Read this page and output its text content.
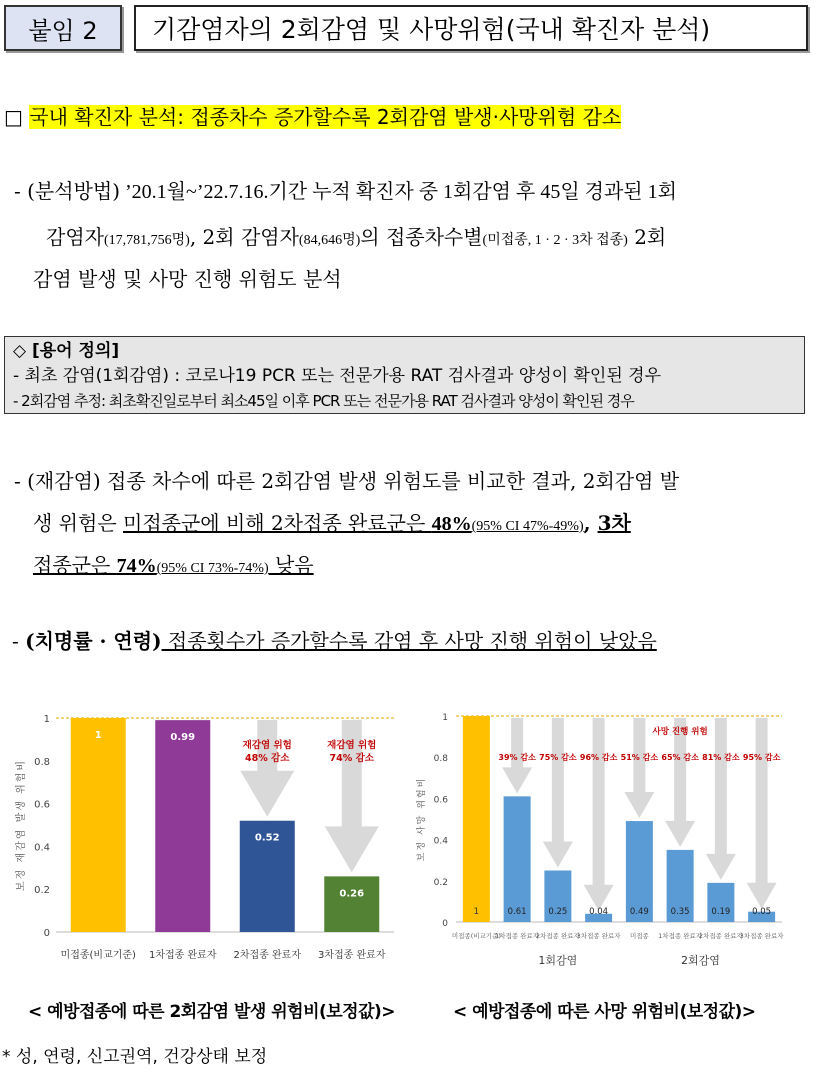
붙임 2 기감염자의 2회감염 및 사망위험(국내 확진자 분석)
□ 국내 확진자 분석: 접종차수 증가할수록 2회감염 발생·사망위험 감소
- (분석방법) ’20.1월~’22.7.16.기간 누적 확진자 중 1회감염 후 45일 경과된 1회
감염자(17,781,756명), 2회 감염자(84,646명)의 접종차수별(미접종, 1 · 2 · 3차 접종) 2회
감염 발생 및 사망 진행 위험도 분석
◇ [용어 정의]
- 최초 감염(1회감염) : 코로나19 PCR 또는 전문가용 RAT 검사결과 양성이 확인된 경우
- 2회감염 추정: 최초확진일로부터 최소45일 이후 PCR 또는 전문가용 RAT 검사결과 양성이 확인된 경우
- (재감염) 접종 차수에 따른 2회감염 발생 위험도를 비교한 결과, 2회감염 발
생 위험은 미접종군에 비해 2차접종 완료군은 48%(95% CI 47%-49%), 3차
접종군은 74%(95% CI 73%-74%) 낮음
- (치명률 · 연령) 접종횟수가 증가할수록 감염 후 사망 진행 위험이 낮았음
0
0.2
0.4
0.6
0.8
1
보정 재감염 발생 위험비
재감염 위험
48% 감소
재감염 위험
74% 감소
1
미접종(비교기준)
0.99
1차접종 완료자
0.52
2차접종 완료자
0.26
3차접종 완료자
0
0.2
0.4
0.6
0.8
1
보정 사망 위험비
39% 감소 75% 감소 96% 감소 51% 감소 65% 감소 81% 감소 95% 감소
사망 진행 위험
1
미접종(비교기준)
0.61
1차접종 완료자
0.25
2차접종 완료자
0.04
3차접종 완료자
0.49
미접종
0.35
1차접종 완료자
0.19
2차접종 완료자
0.05
3차접종 완료자
1회감염	2회감염
< 예방접종에 따른 2회감염 발생 위험비(보정값)>	< 예방접종에 따른 사망 위험비(보정값)>
* 성, 연령, 신고권역, 건강상태 보정
